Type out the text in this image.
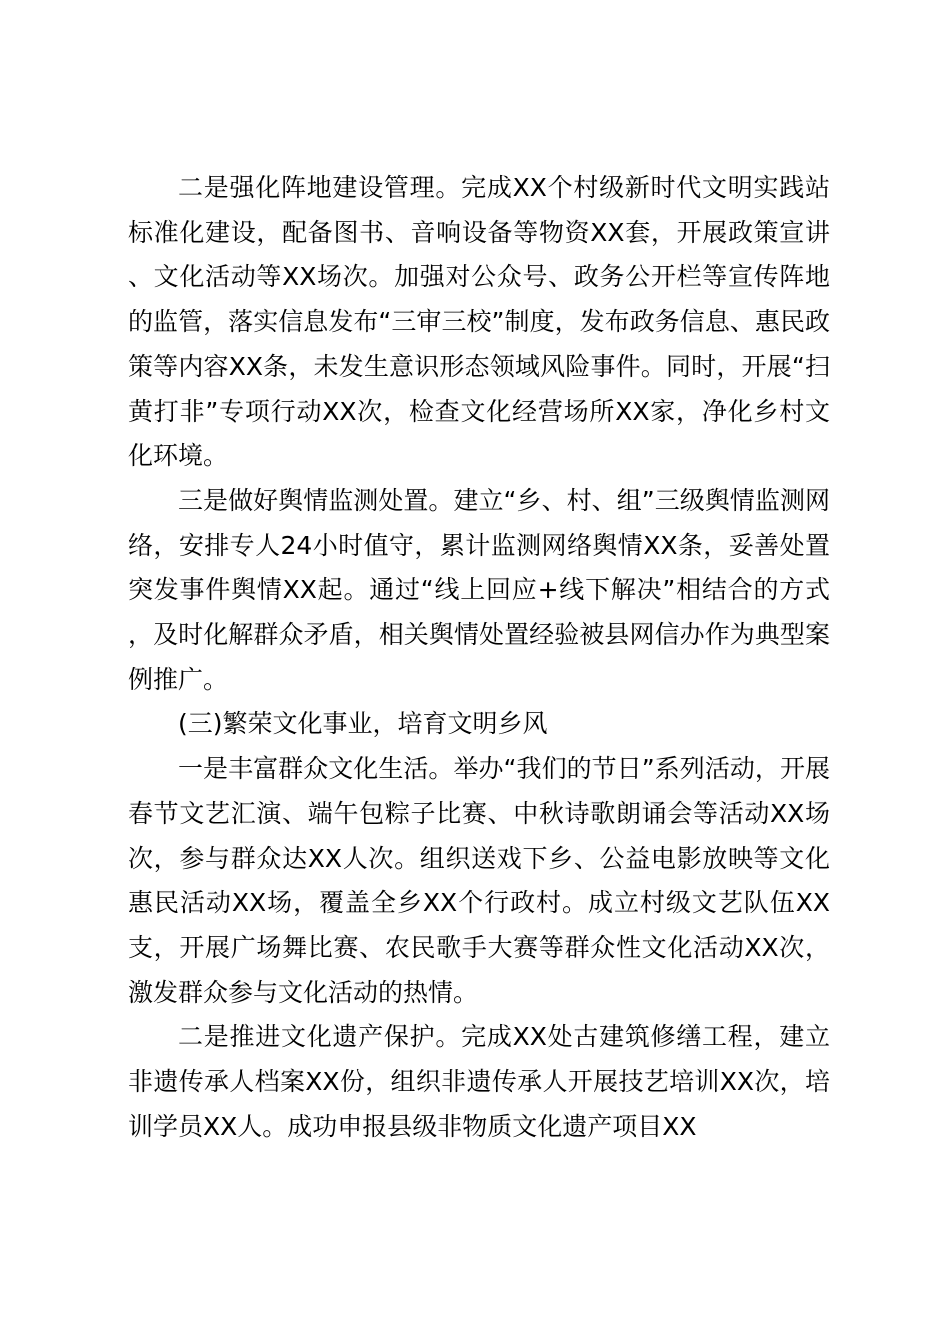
二是强化阵地建设管理。完成XX个村级新时代文明实践站标准化建设，配备图书、音响设备等物资XX套，开展政策宣讲、文化活动等XX场次。加强对公众号、政务公开栏等宣传阵地的监管，落实信息发布“三审三校”制度，发布政务信息、惠民政策等内容XX条，未发生意识形态领域风险事件。同时，开展“扫黄打非”专项行动XX次，检查文化经营场所XX家，净化乡村文化环境。

三是做好舆情监测处置。建立“乡、村、组”三级舆情监测网络，安排专人24小时值守，累计监测网络舆情XX条，妥善处置突发事件舆情XX起。通过“线上回应+线下解决”相结合的方式，及时化解群众矛盾，相关舆情处置经验被县网信办作为典型案例推广。

(三)繁荣文化事业，培育文明乡风

一是丰富群众文化生活。举办“我们的节日”系列活动，开展春节文艺汇演、端午包粽子比赛、中秋诗歌朗诵会等活动XX场次，参与群众达XX人次。组织送戏下乡、公益电影放映等文化惠民活动XX场，覆盖全乡XX个行政村。成立村级文艺队伍XX支，开展广场舞比赛、农民歌手大赛等群众性文化活动XX次，激发群众参与文化活动的热情。

二是推进文化遗产保护。完成XX处古建筑修缮工程，建立非遗传承人档案XX份，组织非遗传承人开展技艺培训XX次，培训学员XX人。成功申报县级非物质文化遗产项目XX
